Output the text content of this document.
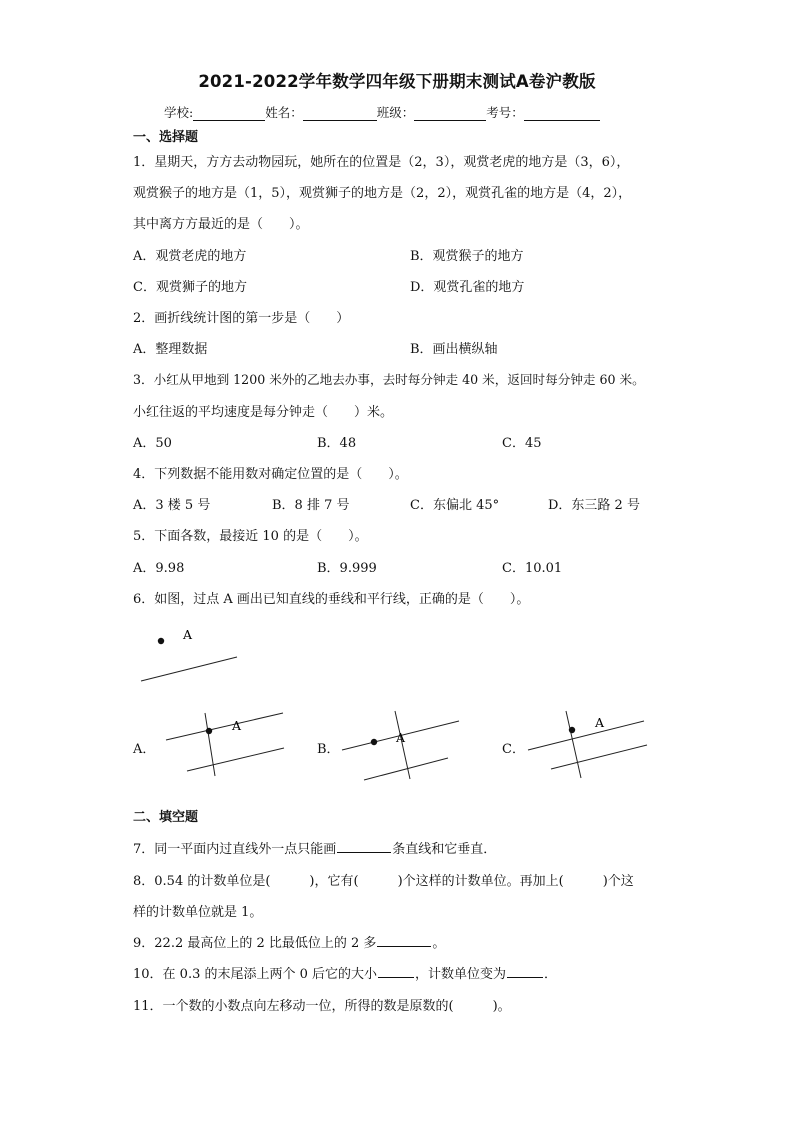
2021-2022学年数学四年级下册期末测试A卷沪教版
学校:	姓名：	班级：	考号：
一、选择题
1．星期天，方方去动物园玩，她所在的位置是（2，3），观赏老虎的地方是（3，6），
观赏猴子的地方是（1，5），观赏狮子的地方是（2，2），观赏孔雀的地方是（4，2），
其中离方方最近的是（　　）。
A．观赏老虎的地方	B．观赏猴子的地方
C．观赏狮子的地方	D．观赏孔雀的地方
2．画折线统计图的第一步是（　　）
A．整理数据	B．画出横纵轴
3．小红从甲地到 1200 米外的乙地去办事，去时每分钟走 40 米，返回时每分钟走 60 米。
小红往返的平均速度是每分钟走（　　）米。
A．50	B．48	C．45
4．下列数据不能用数对确定位置的是（　　）。
A．3 楼 5 号	B．8 排 7 号	C．东偏北 45°	D．东三路 2 号
5．下面各数，最接近 10 的是（　　）。
A．9.98	B．9.999	C．10.01
6．如图，过点 A 画出已知直线的垂线和平行线，正确的是（　　）。
A
A
A
A
A．	B．	C．
二、填空题
7．同一平面内过直线外一点只能画	条直线和它垂直．
8．0.54 的计数单位是(　　　)，它有(　　　)个这样的计数单位。再加上(　　　)个这
样的计数单位就是 1。
9．22.2 最高位上的 2 比最低位上的 2 多	。
10．在 0.3 的末尾添上两个 0 后它的大小	，计数单位变为	．
11．一个数的小数点向左移动一位，所得的数是原数的(　　　)。
